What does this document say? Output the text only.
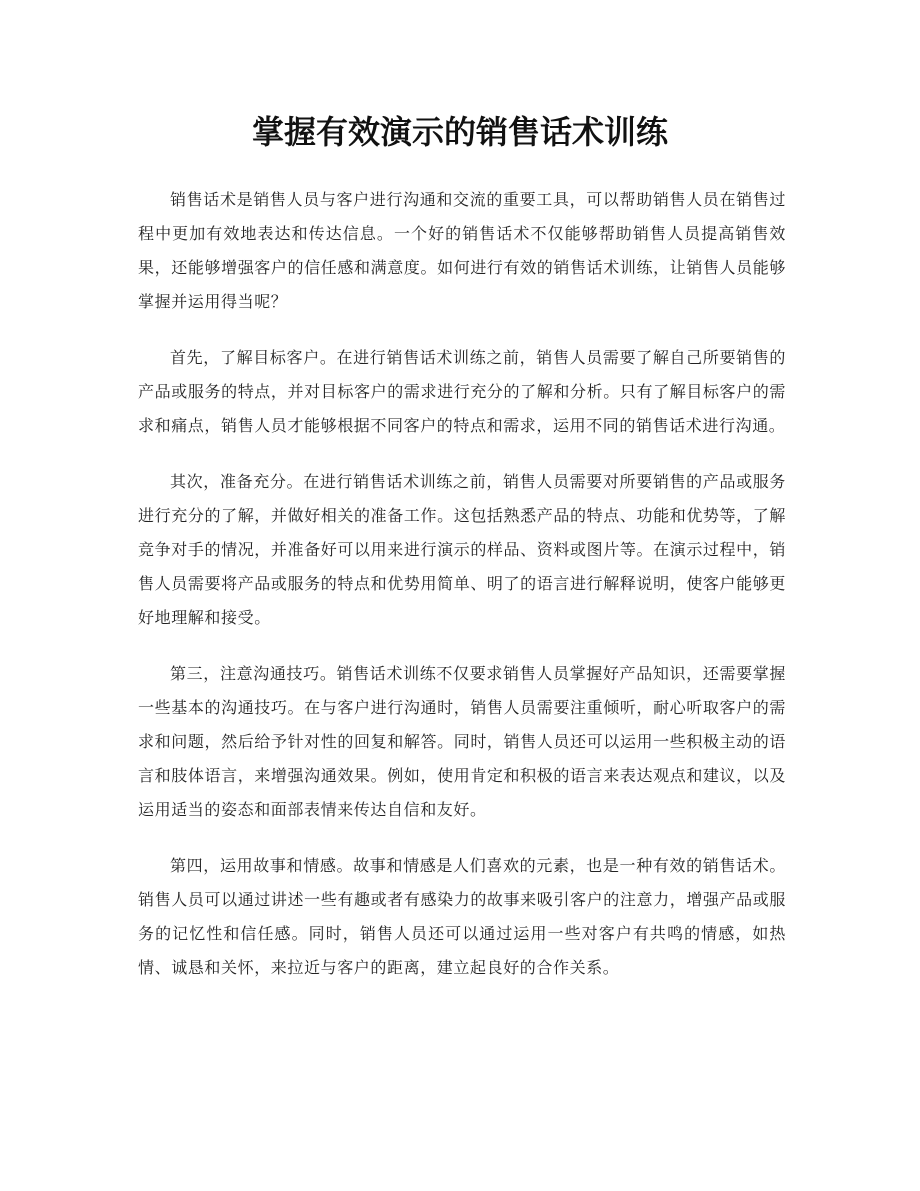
掌握有效演示的销售话术训练

销售话术是销售人员与客户进行沟通和交流的重要工具，可以帮助销售人员在销售过程中更加有效地表达和传达信息。一个好的销售话术不仅能够帮助销售人员提高销售效果，还能够增强客户的信任感和满意度。如何进行有效的销售话术训练，让销售人员能够掌握并运用得当呢？

首先，了解目标客户。在进行销售话术训练之前，销售人员需要了解自己所要销售的产品或服务的特点，并对目标客户的需求进行充分的了解和分析。只有了解目标客户的需求和痛点，销售人员才能够根据不同客户的特点和需求，运用不同的销售话术进行沟通。

其次，准备充分。在进行销售话术训练之前，销售人员需要对所要销售的产品或服务进行充分的了解，并做好相关的准备工作。这包括熟悉产品的特点、功能和优势等，了解竞争对手的情况，并准备好可以用来进行演示的样品、资料或图片等。在演示过程中，销售人员需要将产品或服务的特点和优势用简单、明了的语言进行解释说明，使客户能够更好地理解和接受。

第三，注意沟通技巧。销售话术训练不仅要求销售人员掌握好产品知识，还需要掌握一些基本的沟通技巧。在与客户进行沟通时，销售人员需要注重倾听，耐心听取客户的需求和问题，然后给予针对性的回复和解答。同时，销售人员还可以运用一些积极主动的语言和肢体语言，来增强沟通效果。例如，使用肯定和积极的语言来表达观点和建议，以及运用适当的姿态和面部表情来传达自信和友好。

第四，运用故事和情感。故事和情感是人们喜欢的元素，也是一种有效的销售话术。销售人员可以通过讲述一些有趣或者有感染力的故事来吸引客户的注意力，增强产品或服务的记忆性和信任感。同时，销售人员还可以通过运用一些对客户有共鸣的情感，如热情、诚恳和关怀，来拉近与客户的距离，建立起良好的合作关系。
